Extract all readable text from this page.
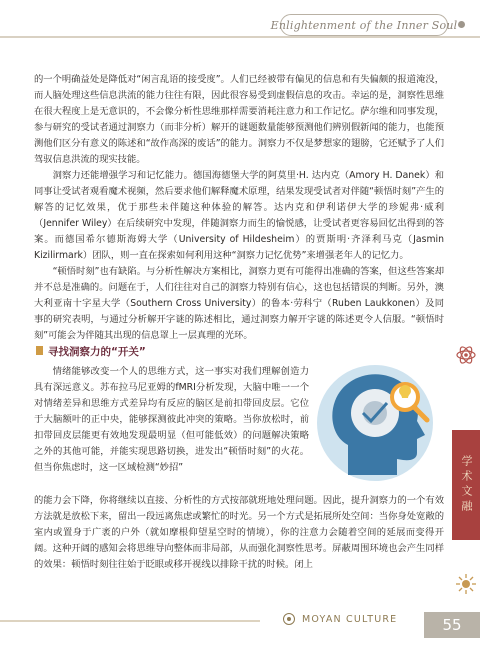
Enlightenment of the Inner Soul

的一个明确益处是降低对“闲言乱语的接受度”。人们已经被带有偏见的信息和有失偏颇的报道淹没，而人脑处理这些信息洪流的能力往往有限，因此很容易受到虚假信息的攻击。幸运的是，洞察性思维在很大程度上是无意识的，不会像分析性思维那样需要消耗注意力和工作记忆。萨尔维和同事发现，参与研究的受试者通过洞察力（而非分析）解开的谜题数量能够预测他们辨别假新闻的能力，也能预测他们区分有意义的陈述和“故作高深的废话”的能力。洞察力不仅是梦想家的翅膀，它还赋予了人们驾驭信息洪流的现实技能。

洞察力还能增强学习和记忆能力。德国海德堡大学的阿莫里·H. 达内克（Amory H. Danek）和同事让受试者观看魔术视频，然后要求他们解释魔术原理，结果发现受试者对伴随“顿悟时刻”产生的解答的记忆效果，优于那些未伴随这种体验的解答。达内克和伊利诺伊大学的珍妮弗·威利（Jennifer Wiley）在后续研究中发现，伴随洞察力而生的愉悦感，让受试者更容易回忆出得到的答案。而德国希尔德斯海姆大学（University of Hildesheim）的贾斯明·齐泽利马克（Jasmin Kizilirmark）团队，则一直在探索如何利用这种“洞察力记忆优势”来增强老年人的记忆力。

“顿悟时刻”也有缺陷。与分析性解决方案相比，洞察力更有可能得出准确的答案，但这些答案却并不总是准确的。问题在于，人们往往对自己的洞察力特别有信心，这也包括错误的判断。另外，澳大利亚南十字星大学（Southern Cross University）的鲁本·劳科宁（Ruben Laukkonen）及同事的研究表明，与通过分析解开字谜的陈述相比，通过洞察力解开字谜的陈述更令人信服。“顿悟时刻”可能会为伴随其出现的信息罩上一层真理的光环。

寻找洞察力的“开关”

情绪能够改变一个人的思维方式，这一事实对我们理解创造力具有深远意义。苏布拉马尼亚姆的fMRI分析发现，大脑中唯一一个对情绪差异和思维方式差异均有反应的脑区是前扣带回皮层。它位于大脑额叶的正中央，能够探测彼此冲突的策略。当你放松时，前扣带回皮层能更有效地发现最明显（但可能低效）的问题解决策略之外的其他可能，并能实现思路切换，进发出“顿悟时刻”的火花。但当你焦虑时，这一区域检测“妙招”

的能力会下降，你将继续以直接、分析性的方式按部就班地处理问题。因此，提升洞察力的一个有效方法就是放松下来，留出一段远离焦虑或繁忙的时光。另一个方式是拓展所处空间：当你身处宽敞的室内或置身于广袤的户外（就如摩根仰望星空时的情境），你的注意力会随着空间的延展而变得开阔。这种开阔的感知会将思维导向整体而非局部，从而强化洞察性思考。屏蔽周围环境也会产生同样的效果：顿悟时刻往往始于眨眼或移开视线以排除干扰的时候。闭上

学术文融
MOYAN CULTURE	55
